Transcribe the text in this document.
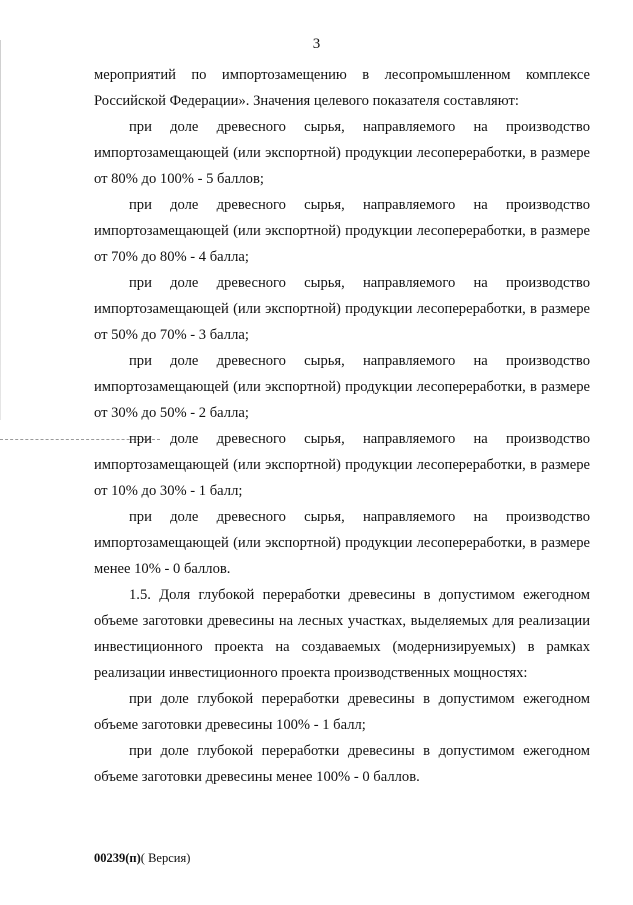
3

мероприятий по импортозамещению в лесопромышленном комплексе Российской Федерации». Значения целевого показателя составляют:

при доле древесного сырья, направляемого на производство импортозамещающей (или экспортной) продукции лесопереработки, в размере от 80% до 100% - 5 баллов;

при доле древесного сырья, направляемого на производство импортозамещающей (или экспортной) продукции лесопереработки, в размере от 70% до 80% - 4 балла;

при доле древесного сырья, направляемого на производство импортозамещающей (или экспортной) продукции лесопереработки, в размере от 50% до 70% - 3 балла;

при доле древесного сырья, направляемого на производство импортозамещающей (или экспортной) продукции лесопереработки, в размере от 30% до 50% - 2 балла;

при доле древесного сырья, направляемого на производство импортозамещающей (или экспортной) продукции лесопереработки, в размере от 10% до 30% - 1 балл;

при доле древесного сырья, направляемого на производство импортозамещающей (или экспортной) продукции лесопереработки, в размере менее 10% - 0 баллов.

1.5. Доля глубокой переработки древесины в допустимом ежегодном объеме заготовки древесины на лесных участках, выделяемых для реализации инвестиционного проекта на создаваемых (модернизируемых) в рамках реализации инвестиционного проекта производственных мощностях:

при доле глубокой переработки древесины в допустимом ежегодном объеме заготовки древесины 100% - 1 балл;

при доле глубокой переработки древесины в допустимом ежегодном объеме заготовки древесины менее 100% - 0 баллов.

00239(п)( Версия)
